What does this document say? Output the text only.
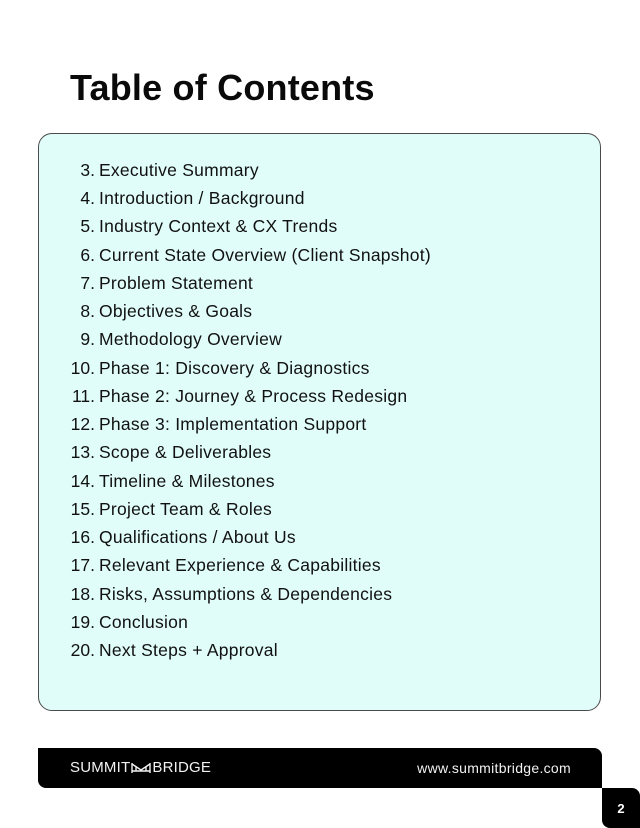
Table of Contents
3. Executive Summary
4. Introduction / Background
5. Industry Context & CX Trends
6. Current State Overview (Client Snapshot)
7. Problem Statement
8. Objectives & Goals
9. Methodology Overview
10. Phase 1: Discovery & Diagnostics
11. Phase 2: Journey & Process Redesign
12. Phase 3: Implementation Support
13. Scope & Deliverables
14. Timeline & Milestones
15. Project Team & Roles
16. Qualifications / About Us
17. Relevant Experience & Capabilities
18. Risks, Assumptions & Dependencies
19. Conclusion
20. Next Steps + Approval
SUMMIT BRIDGE	www.summitbridge.com
2
